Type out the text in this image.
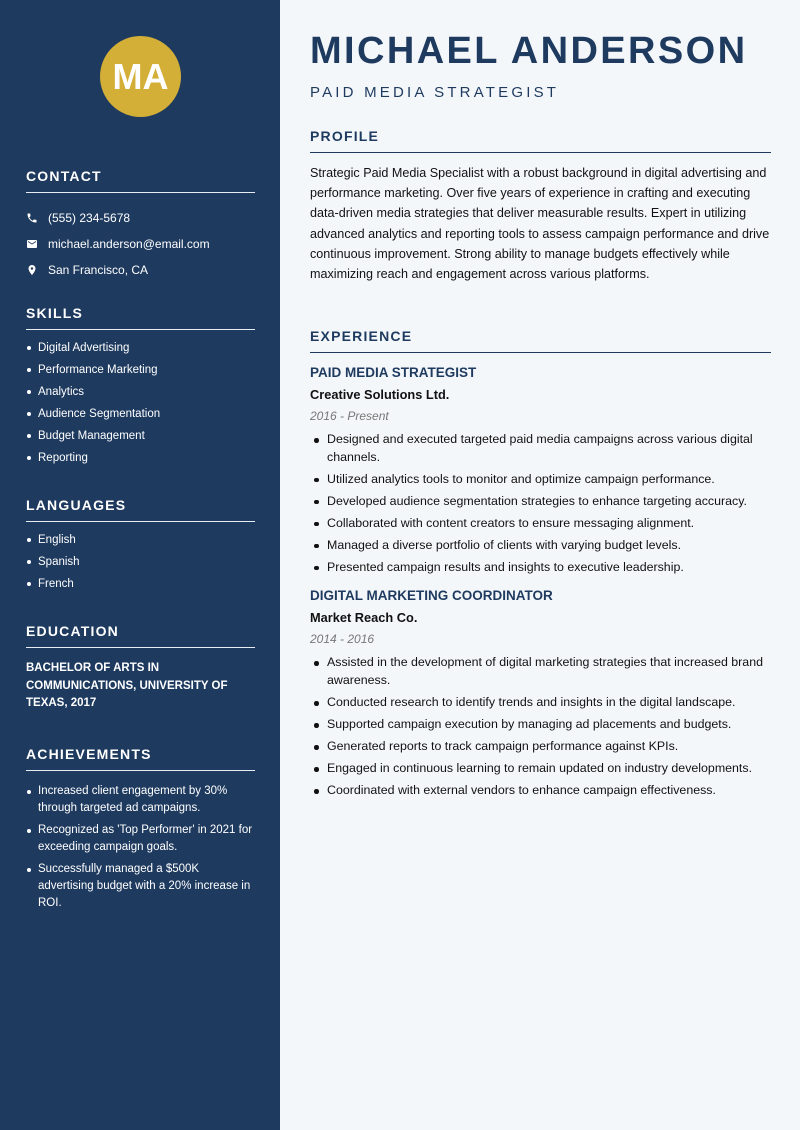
MA
CONTACT
(555) 234-5678
michael.anderson@email.com
San Francisco, CA
SKILLS
Digital Advertising
Performance Marketing
Analytics
Audience Segmentation
Budget Management
Reporting
LANGUAGES
English
Spanish
French
EDUCATION
BACHELOR OF ARTS IN COMMUNICATIONS, UNIVERSITY OF TEXAS, 2017
ACHIEVEMENTS
Increased client engagement by 30% through targeted ad campaigns.
Recognized as 'Top Performer' in 2021 for exceeding campaign goals.
Successfully managed a $500K advertising budget with a 20% increase in ROI.
MICHAEL ANDERSON
PAID MEDIA STRATEGIST
PROFILE
Strategic Paid Media Specialist with a robust background in digital advertising and performance marketing. Over five years of experience in crafting and executing data-driven media strategies that deliver measurable results. Expert in utilizing advanced analytics and reporting tools to assess campaign performance and drive continuous improvement. Strong ability to manage budgets effectively while maximizing reach and engagement across various platforms.
EXPERIENCE
PAID MEDIA STRATEGIST
Creative Solutions Ltd.
2016 - Present
Designed and executed targeted paid media campaigns across various digital channels.
Utilized analytics tools to monitor and optimize campaign performance.
Developed audience segmentation strategies to enhance targeting accuracy.
Collaborated with content creators to ensure messaging alignment.
Managed a diverse portfolio of clients with varying budget levels.
Presented campaign results and insights to executive leadership.
DIGITAL MARKETING COORDINATOR
Market Reach Co.
2014 - 2016
Assisted in the development of digital marketing strategies that increased brand awareness.
Conducted research to identify trends and insights in the digital landscape.
Supported campaign execution by managing ad placements and budgets.
Generated reports to track campaign performance against KPIs.
Engaged in continuous learning to remain updated on industry developments.
Coordinated with external vendors to enhance campaign effectiveness.
